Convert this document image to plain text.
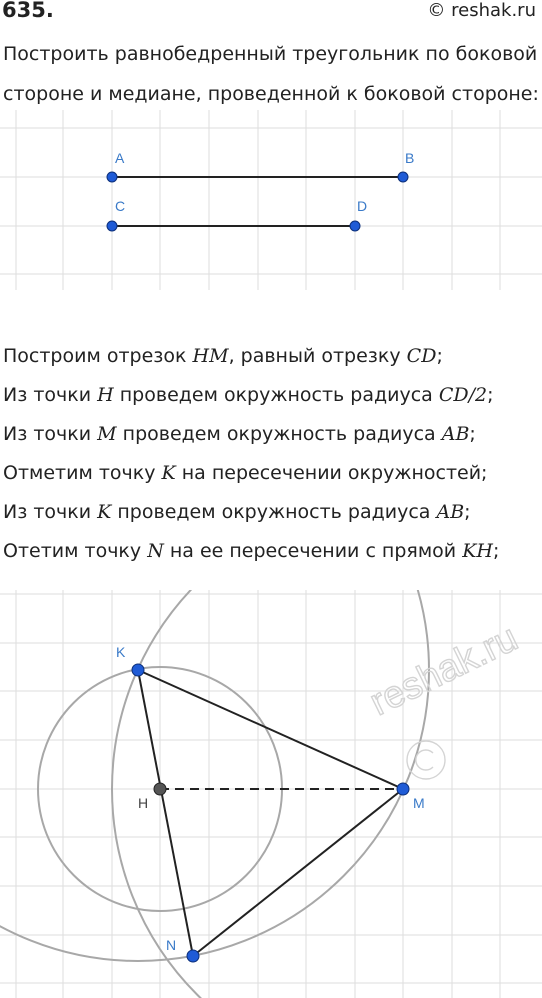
635.	© reshak.ru
Построить равнобедренный треугольник по боковой стороне и медиане, проведенной к боковой стороне:
A	B
C	D
Построим отрезок HM, равный отрезку CD;
Из точки H проведем окружность радиуса CD/2;
Из точки M проведем окружность радиуса AB;
Отметим точку K на пересечении окружностей;
Из точки K проведем окружность радиуса AB;
Отетим точку N на ее пересечении с прямой KH;
reshak.ru
K
H	M
N
